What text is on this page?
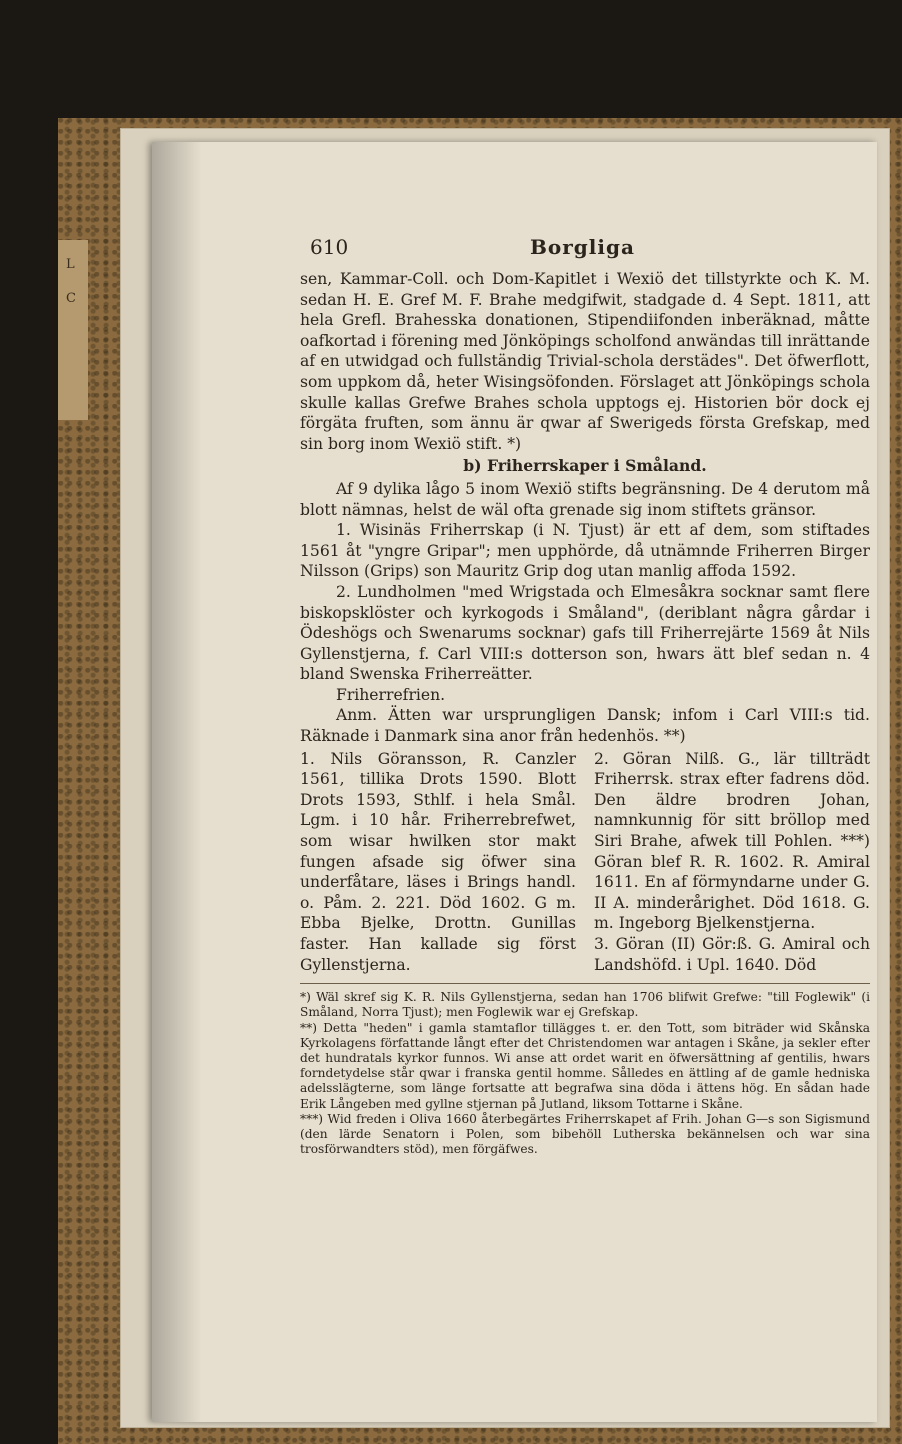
L C
610	Borgliga

sen, Kammar-Coll. och Dom-Kapitlet i Wexiö det tillstyrkte och K. M. sedan H. E. Gref M. F. Brahe medgifwit, stadgade d. 4 Sept. 1811, att hela Grefl. Brahesska donationen, Stipendiifonden inberäknad, måtte oafkortad i förening med Jönköpings scholfond anwändas till inrättande af en utwidgad och fullständig Trivial-schola derstädes". Det öfwerflott, som uppkom då, heter Wisingsöfonden. Förslaget att Jönköpings schola skulle kallas Grefwe Brahes schola upptogs ej. Historien bör dock ej förgäta fruften, som ännu är qwar af Swerigeds första Grefskap, med sin borg inom Wexiö stift. *)

b) Friherrskaper i Småland.

Af 9 dylika lågo 5 inom Wexiö stifts begränsning. De 4 derutom må blott nämnas, helst de wäl ofta grenade sig inom stiftets gränsor.

1. Wisinäs Friherrskap (i N. Tjust) är ett af dem, som stiftades 1561 åt "yngre Gripar"; men upphörde, då utnämnde Friherren Birger Nilsson (Grips) son Mauritz Grip dog utan manlig affoda 1592.

2. Lundholmen "med Wrigstada och Elmesåkra socknar samt flere biskopsklöster och kyrkogods i Småland", (deriblant några gårdar i Ödeshögs och Swenarums socknar) gafs till Friherrejärte 1569 åt Nils Gyllenstjerna, f. Carl VIII:s dotterson son, hwars ätt blef sedan n. 4 bland Swenska Friherreätter.

Friherrefrien.

Anm. Ätten war ursprungligen Dansk; infom i Carl VIII:s tid. Räknade i Danmark sina anor från hedenhös. **)

1. Nils Göransson, R. Canzler 1561, tillika Drots 1590. Blott Drots 1593, Sthlf. i hela Smål. Lgm. i 10 hår. Friherrebrefwet, som wisar hwilken stor makt fungen afsade sig öfwer sina underfåtare, läses i Brings handl. o. Påm. 2. 221. Död 1602. G m. Ebba Bjelke, Drottn. Gunillas faster. Han kallade sig först Gyllenstjerna.

2. Göran Nilß. G., lär tillträdt Friherrsk. strax efter fadrens död. Den äldre brodren Johan, namnkunnig för sitt bröllop med Siri Brahe, afwek till Pohlen. ***) Göran blef R. R. 1602. R. Amiral 1611. En af förmyndarne under G. II A. minderårighet. Död 1618. G. m. Ingeborg Bjelkenstjerna.

3. Göran (II) Gör:ß. G. Amiral och Landshöfd. i Upl. 1640. Död

*) Wäl skref sig K. R. Nils Gyllenstjerna, sedan han 1706 blifwit Grefwe: "till Foglewik" (i Småland, Norra Tjust); men Foglewik war ej Grefskap.

**) Detta "heden" i gamla stamtaflor tillägges t. er. den Tott, som biträder wid Skånska Kyrkolagens författande långt efter det Christendomen war antagen i Skåne, ja sekler efter det hundratals kyrkor funnos. Wi anse att ordet warit en öfwersättning af gentilis, hwars forndetydelse står qwar i franska gentil homme. Sålledes en ättling af de gamle hedniska adelsslägterne, som länge fortsatte att begrafwa sina döda i ättens hög. En sådan hade Erik Långeben med gyllne stjernan på Jutland, liksom Tottarne i Skåne.

***) Wid freden i Oliva 1660 återbegärtes Friherrskapet af Frih. Johan G—s son Sigismund (den lärde Senatorn i Polen, som bibehöll Lutherska bekännelsen och war sina trosförwandters stöd), men förgäfwes.
